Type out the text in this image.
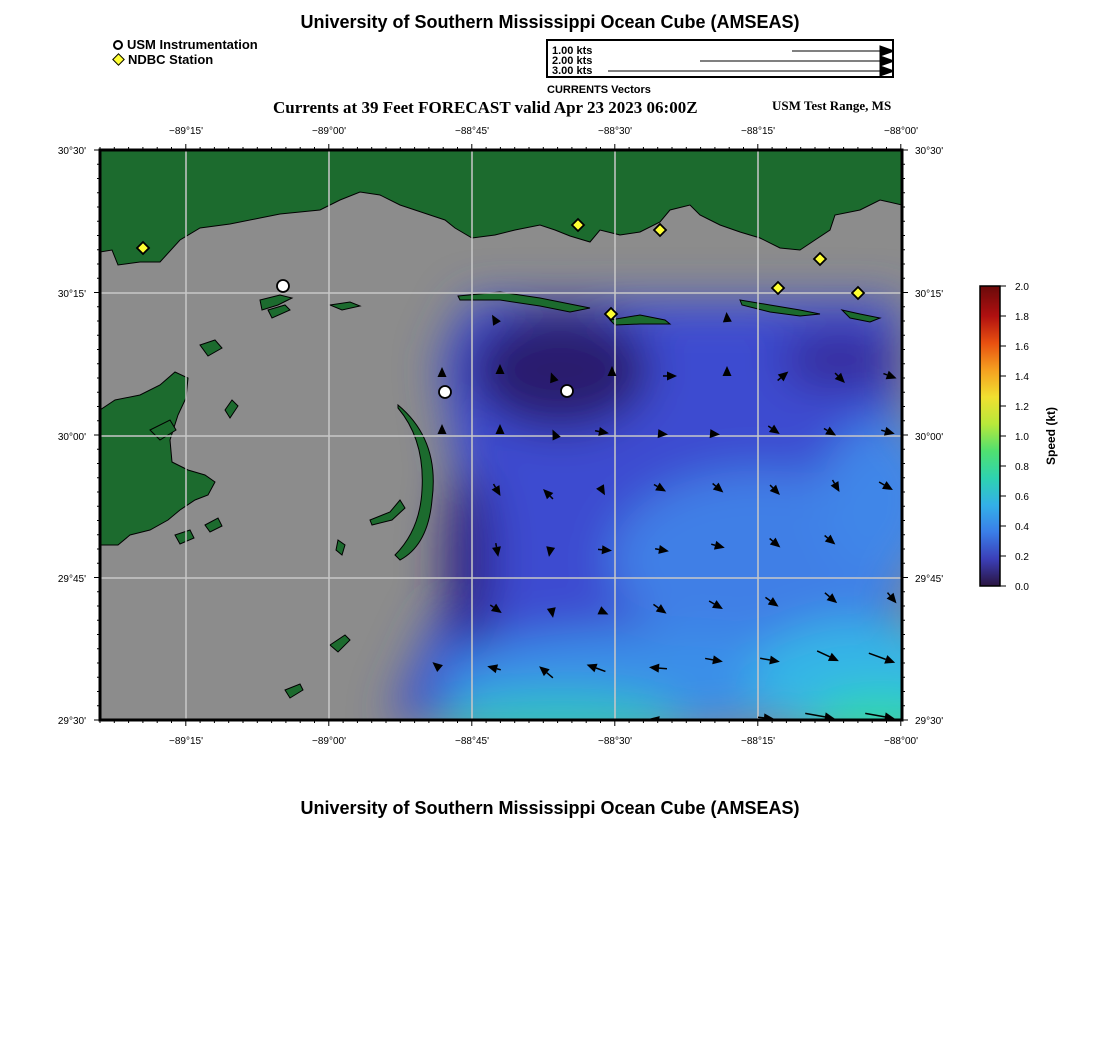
University of Southern Mississippi Ocean Cube (AMSEAS)
USM Instrumentation
NDBC Station
1.00 kts
2.00 kts
3.00 kts
CURRENTS Vectors
Currents at 39 Feet FORECAST valid Apr 23 2023 06:00Z	USM Test Range, MS
−89°15'	−89°00'	−88°45'	−88°30'	−88°15'	−88°00'
−89°15'	−89°00'	−88°45'	−88°30'	−88°15'	−88°00'
30°30'
30°15'
30°00'
29°45'
29°30'
30°30'
30°15'
30°00'
29°45'
29°30'
2.0
1.8
1.6
1.4
1.2
1.0
0.8
0.6
0.4
0.2
0.0
Speed (kt)
University of Southern Mississippi Ocean Cube (AMSEAS)
